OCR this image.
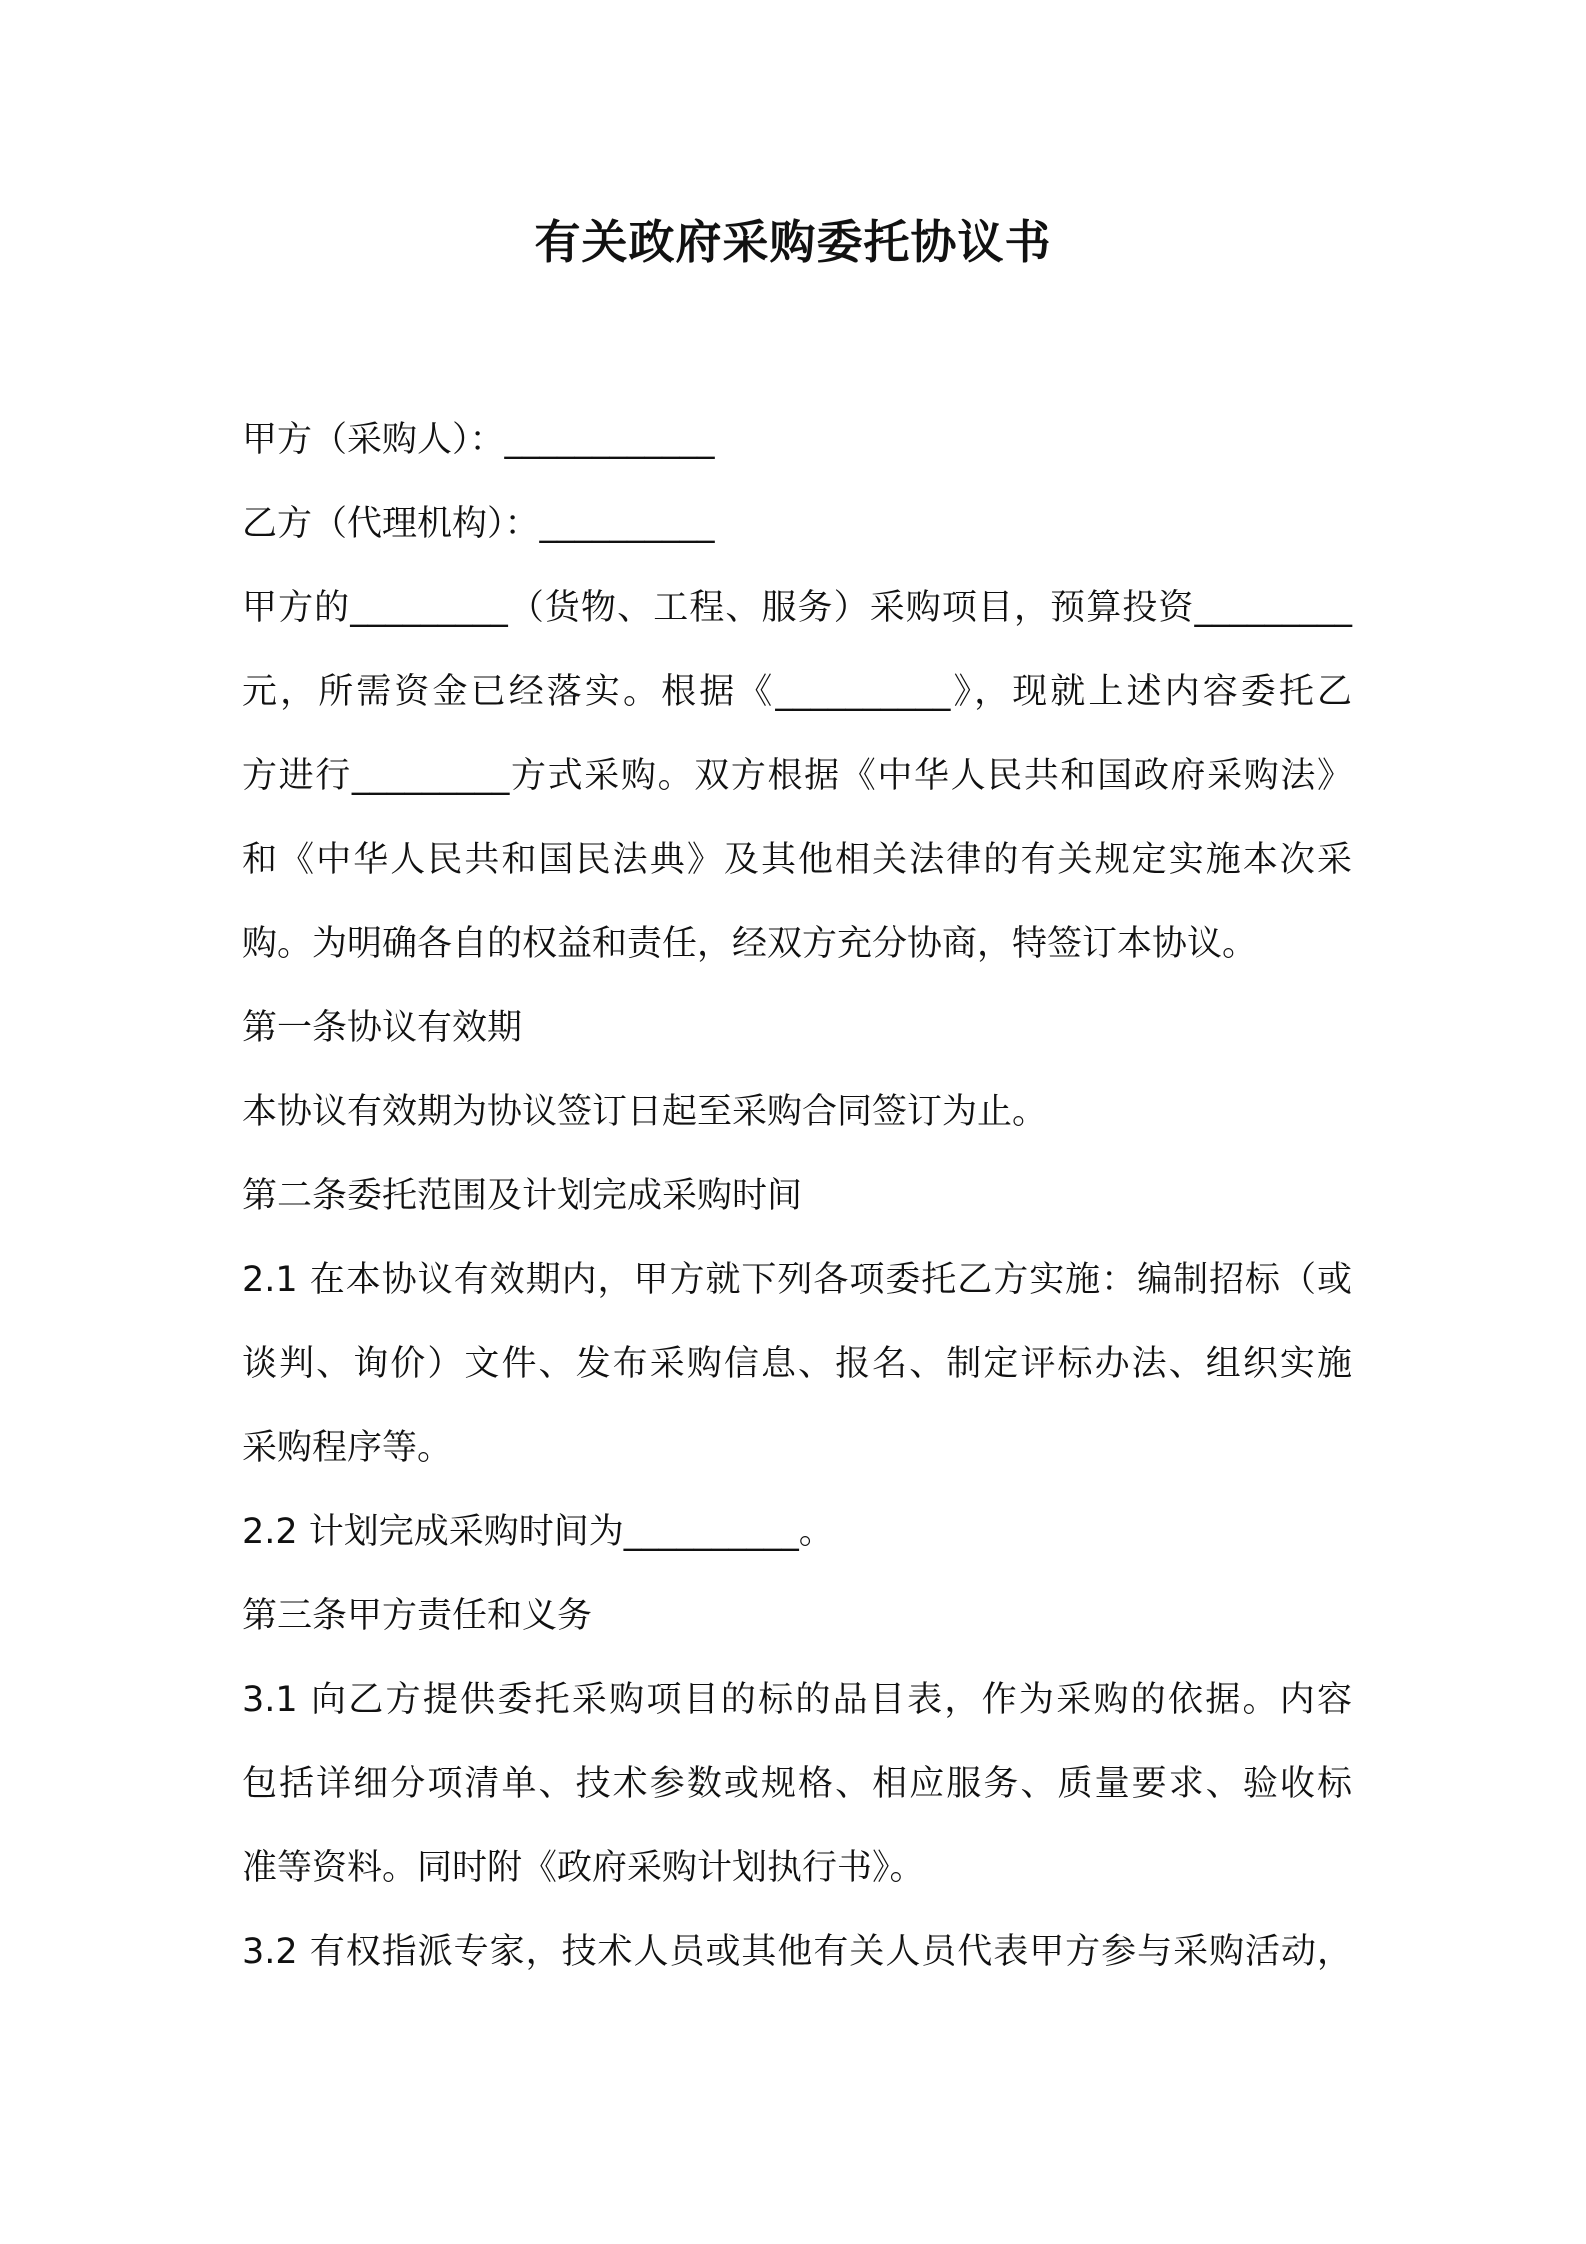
有关政府采购委托协议书
甲方（采购人）：____________
乙方（代理机构）：__________
甲方的_________（货物、工程、服务）采购项目，预算投资_________
元，所需资金已经落实。根据《__________》，现就上述内容委托乙
方进行_________方式采购。双方根据《中华人民共和国政府采购法》
和《中华人民共和国民法典》及其他相关法律的有关规定实施本次采
购。为明确各自的权益和责任，经双方充分协商，特签订本协议。
第一条协议有效期
本协议有效期为协议签订日起至采购合同签订为止。
第二条委托范围及计划完成采购时间
2.1 在本协议有效期内，甲方就下列各项委托乙方实施：编制招标（或
谈判、询价）文件、发布采购信息、报名、制定评标办法、组织实施
采购程序等。
2.2 计划完成采购时间为__________。
第三条甲方责任和义务
3.1 向乙方提供委托采购项目的标的品目表，作为采购的依据。内容
包括详细分项清单、技术参数或规格、相应服务、质量要求、验收标
准等资料。同时附《政府采购计划执行书》。
3.2 有权指派专家，技术人员或其他有关人员代表甲方参与采购活动，
